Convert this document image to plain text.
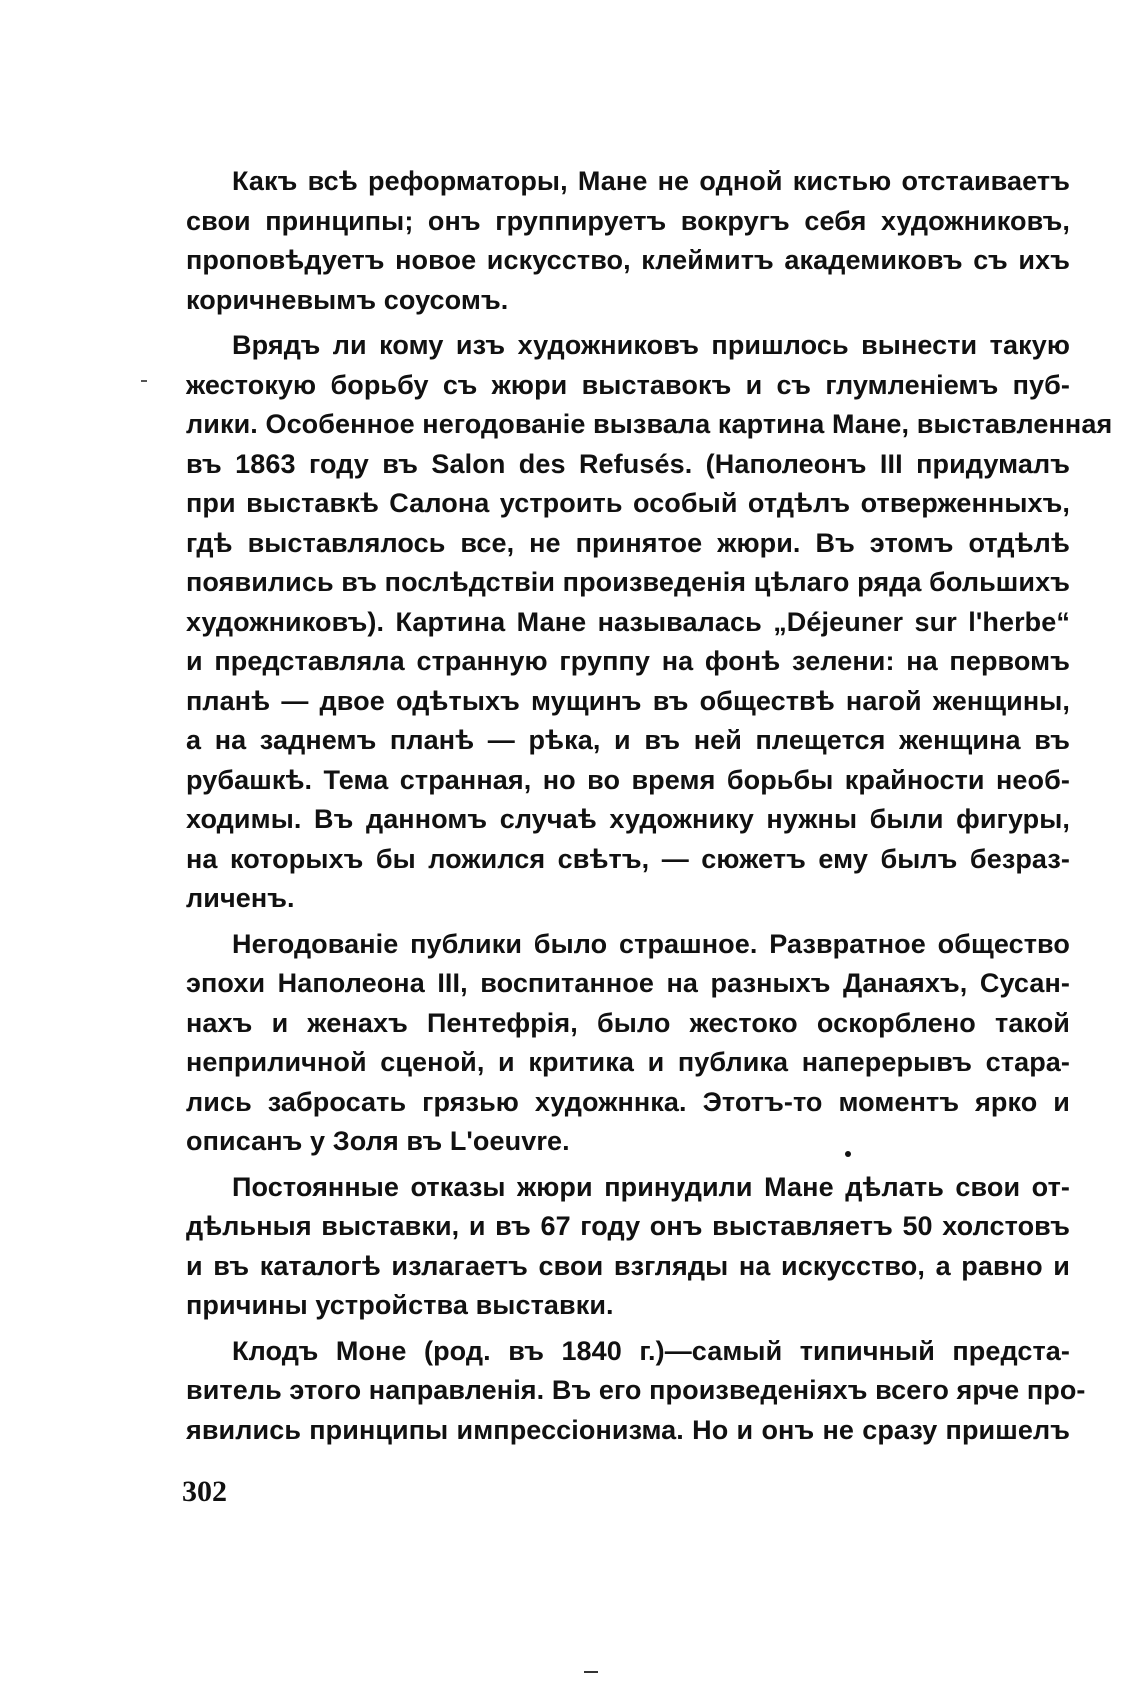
Какъ всѣ реформаторы, Мане не одной кистью отстаиваетъ
свои принципы; онъ группируетъ вокругъ себя художниковъ,
проповѣдуетъ новое искусство, клеймитъ академиковъ съ ихъ
коричневымъ соусомъ.
Врядъ ли кому изъ художниковъ пришлось вынести такую
жестокую борьбу съ жюри выставокъ и съ глумленіемъ пуб-
лики. Особенное негодованіе вызвала картина Мане, выставленная
въ 1863 году въ Salon des Refusés. (Наполеонъ III придумалъ
при выставкѣ Салона устроить особый отдѣлъ отверженныхъ,
гдѣ выставлялось все, не принятое жюри. Въ этомъ отдѣлѣ
появились въ послѣдствіи произведенія цѣлаго ряда большихъ
художниковъ). Картина Мане называлась „Déjeuner sur l'herbe“
и представляла странную группу на фонѣ зелени: на первомъ
планѣ — двое одѣтыхъ мущинъ въ обществѣ нагой женщины,
а на заднемъ планѣ — рѣка, и въ ней плещется женщина въ
рубашкѣ. Тема странная, но во время борьбы крайности необ-
ходимы. Въ данномъ случаѣ художнику нужны были фигуры,
на которыхъ бы ложился свѣтъ, — сюжетъ ему былъ безраз-
личенъ.
Негодованіе публики было страшное. Развратное общество
эпохи Наполеона III, воспитанное на разныхъ Данаяхъ, Сусан-
нахъ и женахъ Пентефрія, было жестоко оскорблено такой
неприличной сценой, и критика и публика наперерывъ стара-
лись забросать грязью художннка. Этотъ-то моментъ ярко и
описанъ у Золя въ L'oeuvre.
Постоянные отказы жюри принудили Мане дѣлать свои от-
дѣльныя выставки, и въ 67 году онъ выставляетъ 50 холстовъ
и въ каталогѣ излагаетъ свои взгляды на искусство, а равно и
причины устройства выставки.
Клодъ Моне (род. въ 1840 г.)—самый типичный предста-
витель этого направленія. Въ его произведеніяхъ всего ярче про-
явились принципы импрессіонизма. Но и онъ не сразу пришелъ
302
